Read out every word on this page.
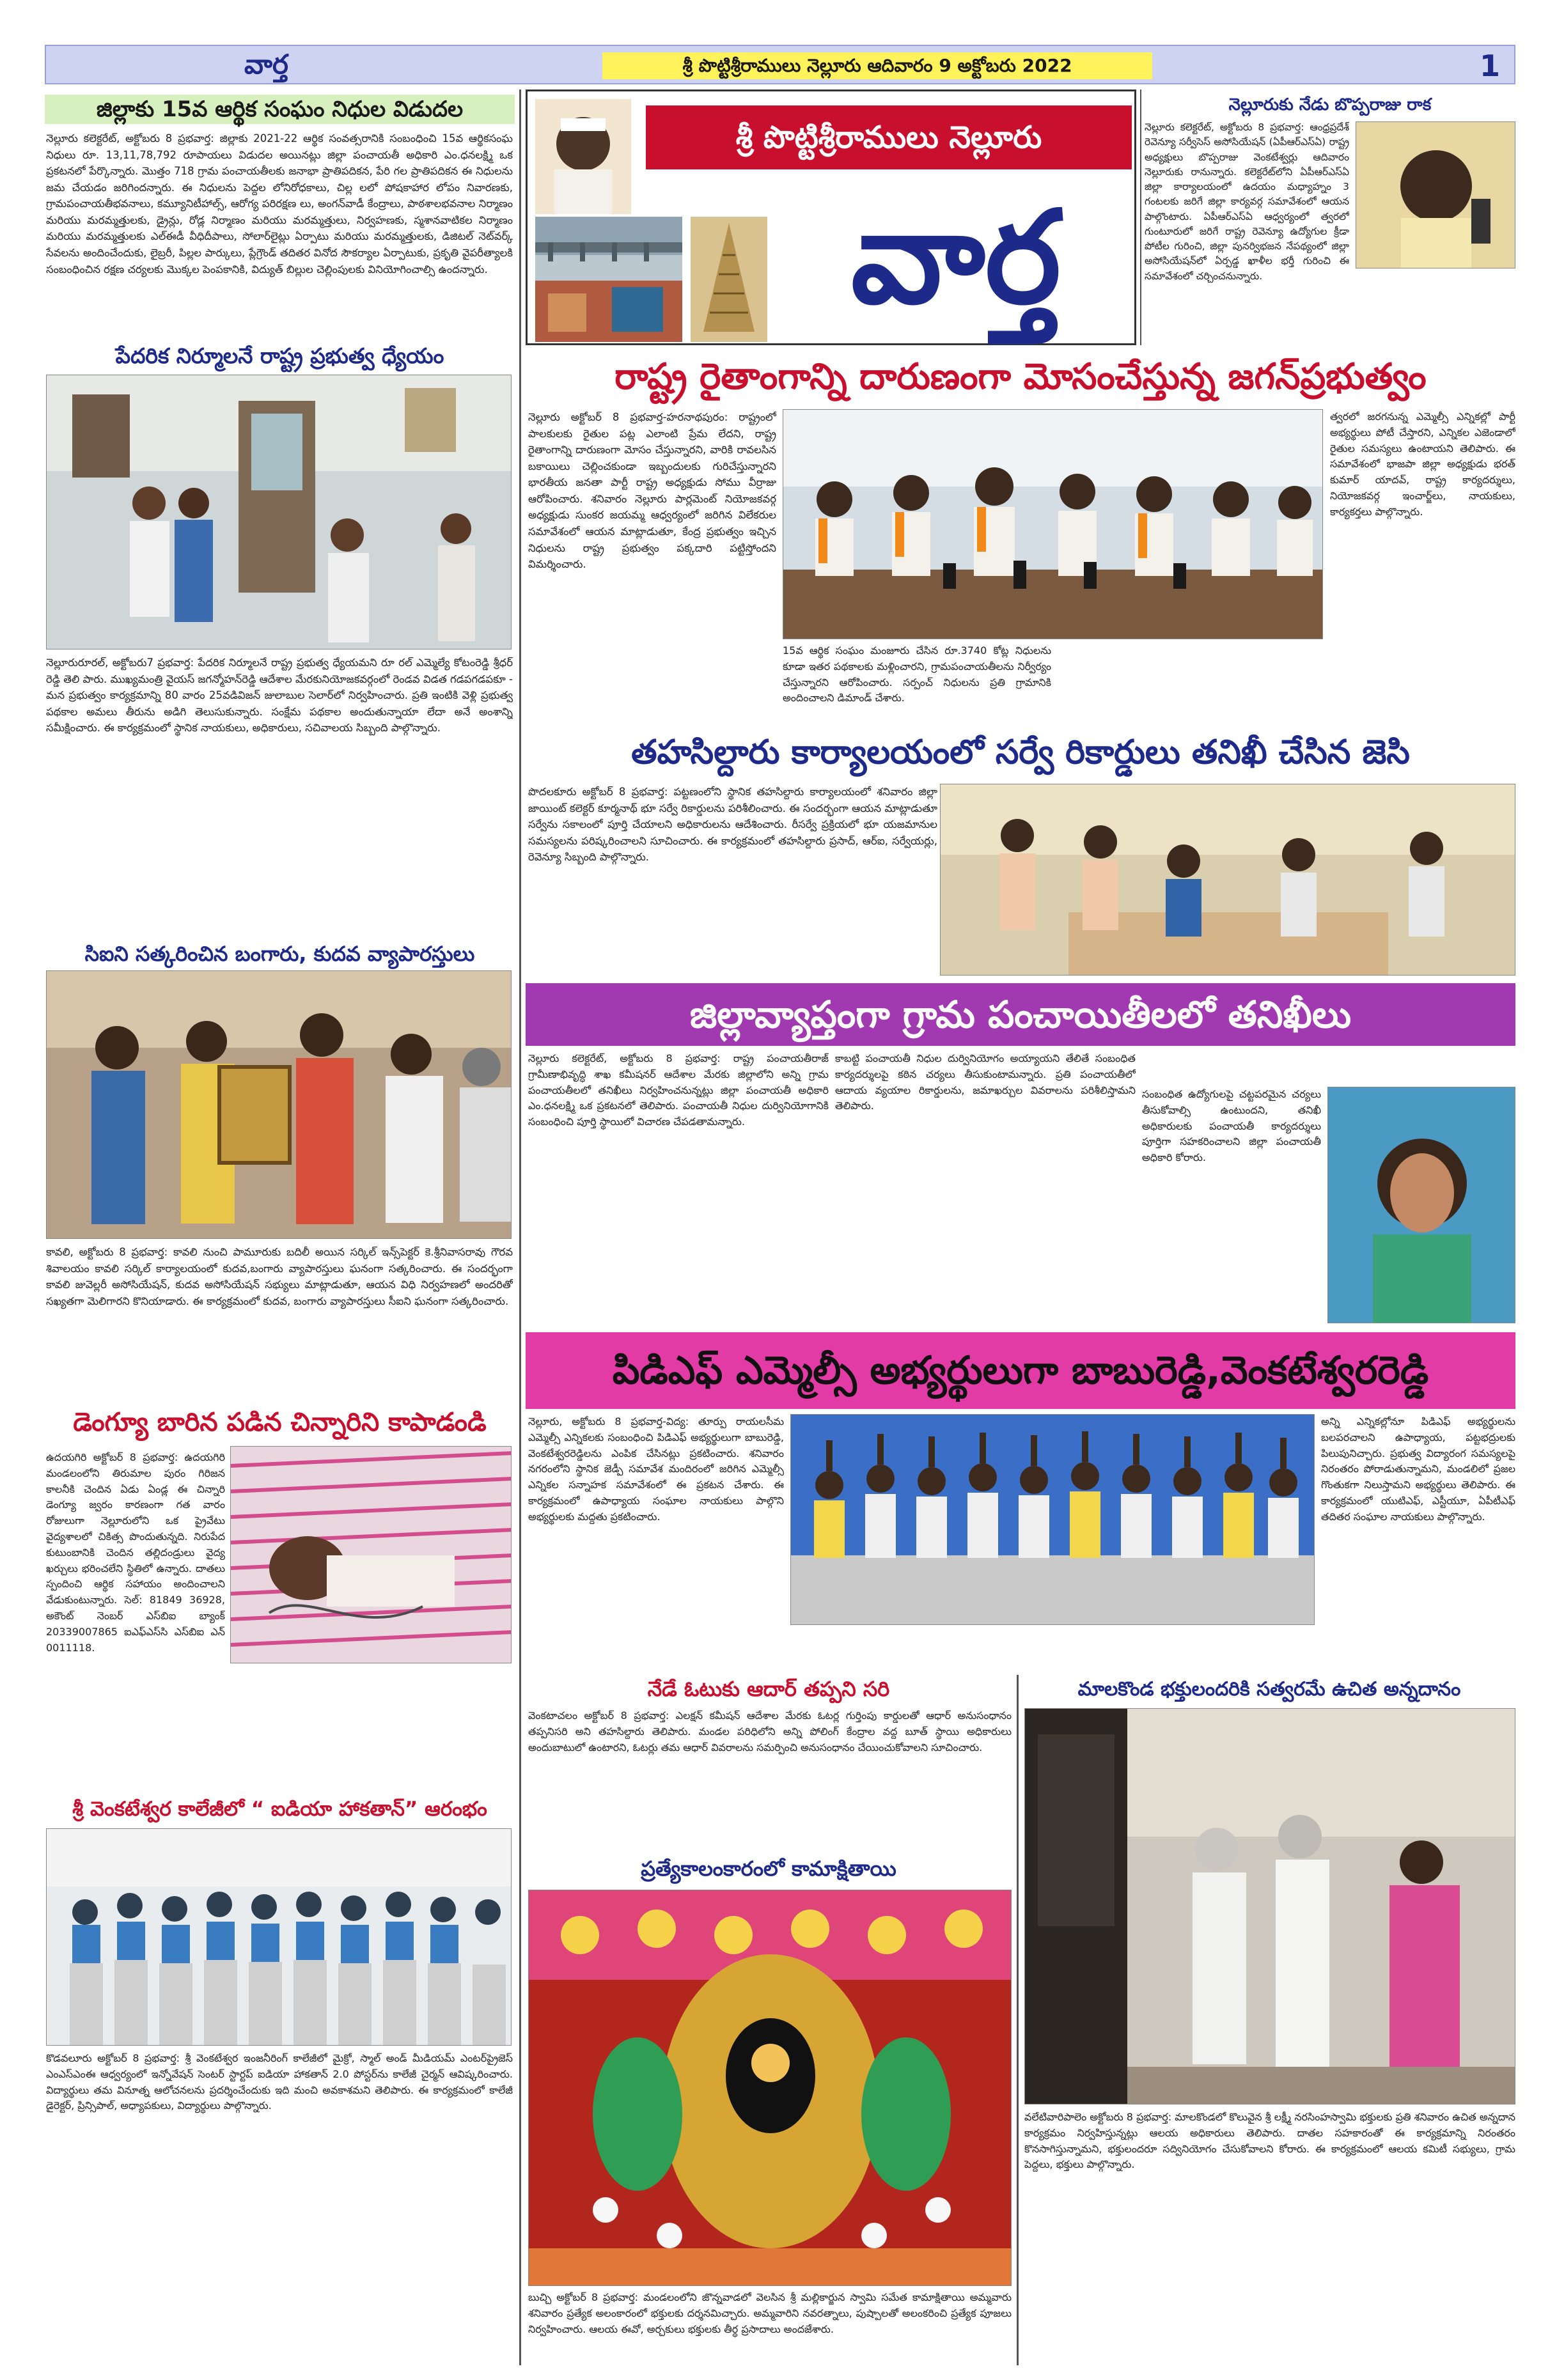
వార్త	శ్రీ పొట్టిశ్రీరాములు నెల్లూరు ఆదివారం 9 అక్టోబరు 2022	1
జిల్లాకు 15వ ఆర్థిక సంఘం నిధుల విడుదల
నెల్లూరు కలెక్టరేట్, అక్టోబరు 8 ప్రభవార్త: జిల్లాకు 2021-22 ఆర్థిక సంవత్సరానికి సంబంధించి 15వ ఆర్థికసంఘ నిధులు రూ. 13,11,78,792 రూపాయలు విడుదల అయినట్లు జిల్లా పంచాయతీ అధికారి ఎం.ధనలక్ష్మి ఒక ప్రకటనలో పేర్కొన్నారు. మొత్తం 718 గ్రామ పంచాయతీలకు జనాభా ప్రాతిపదికన, పేరి గల ప్రాతిపదికన ఈ నిధులను జమ చేయడం జరిగిందన్నారు. ఈ నిధులను పెద్దల లోనిరోధకాలు, చిల్ల లలో పోషకాహార లోపం నివారణకు, గ్రామపంచాయతీభవనాలు, కమ్యూనిటీహాల్స్, ఆరోగ్య పరిరక్షణ లు, అంగన్‌వాడీ కేంద్రాలు, పాఠశాలభవనాల నిర్మాణం మరియు మరమ్మత్తులకు, డ్రైన్లు, రోడ్ల నిర్మాణం మరియు మరమ్మత్తులు, నిర్వహణకు, స్మశానవాటికల నిర్మాణం మరియు మరమ్మత్తులకు ఎల్‌ఈడీ వీధిదీపాలు, సోలార్‌లైట్లు ఏర్పాటు మరియు మరమ్మత్తులకు, డిజిటల్ నెట్‌వర్క్ సేవలను అందించేందుకు, లైబ్రరీ, పిల్లల పార్కులు, ప్లేగ్రౌండ్ తదితర వినోద సౌకర్యాల ఏర్పాటుకు, ప్రకృతి వైపరీత్యాలకి సంబంధించిన రక్షణ చర్యలకు మొక్కల పెంపకానికి, విద్యుత్ బిల్లుల చెల్లింపులకు వినియోగించాల్సి ఉందన్నారు.
పేదరిక నిర్మూలనే రాష్ట్ర ప్రభుత్వ ధ్యేయం
నెల్లూరురూరల్, అక్టోబరు7 ప్రభవార్త: పేదరిక నిర్మూలనే రాష్ట్ర ప్రభుత్వ ధ్యేయమని రూ రల్ ఎమ్మెల్యే కోటంరెడ్డి శ్రీధర్ రెడ్డి తెలి పారు. ముఖ్యమంత్రి వైయస్ జగన్మోహన్‌రెడ్డి ఆదేశాల మేరకునియోజకవర్గంలో రెండవ విడత గడపగడపకూ - మన ప్రభుత్వం కార్యక్రమాన్ని 80 వారం 25వడివిజన్ జులాబుల సెలార్‌లో నిర్వహించారు. ప్రతి ఇంటికి వెళ్లి ప్రభుత్వ పథకాల అమలు తీరును అడిగి తెలుసుకున్నారు. సంక్షేమ పథకాల అందుతున్నాయా లేదా అనే అంశాన్ని సమీక్షించారు. ఈ కార్యక్రమంలో స్థానిక నాయకులు, అధికారులు, సచివాలయ సిబ్బంది పాల్గొన్నారు.
సిఐని సత్కరించిన బంగారు, కుదవ వ్యాపారస్తులు
కావలి, అక్టోబరు 8 ప్రభవార్త: కావలి నుంచి పామూరుకు బదిలీ అయిన సర్కిల్ ఇన్స్‌పెక్టర్ కె.శ్రీనివాసరావు గౌరవ శివాలయం కావలి సర్కిల్ కార్యాలయంలో కుదవ,బంగారు వ్యాపారస్తులు ఘనంగా సత్కరించారు. ఈ సందర్భంగా కావలి జువెల్లరీ అసోసియేషన్, కుదవ అసోసియేషన్ సభ్యులు మాట్లాడుతూ, ఆయన విధి నిర్వహణలో అందరితో సఖ్యతగా మెలిగారని కొనియాడారు. ఈ కార్యక్రమంలో కుదవ, బంగారు వ్యాపారస్తులు సీఐని ఘనంగా సత్కరించారు.
డెంగ్యూ బారిన పడిన చిన్నారిని కాపాడండి
ఉదయగిరి అక్టోబర్ 8 ప్రభవార్త: ఉదయగిరి మండలంలోని తిరుమాల పురం గిరిజన కాలనీకి చెందిన ఏడు ఏండ్ల ఈ చిన్నారి డెంగ్యూ జ్వరం కారణంగా గత వారం రోజులుగా నెల్లూరులోని ఒక ప్రైవేటు వైద్యశాలలో చికిత్స పొందుతున్నది. నిరుపేద కుటుంబానికి చెందిన తల్లిదండ్రులు వైద్య ఖర్చులు భరించలేని స్థితిలో ఉన్నారు. దాతలు స్పందించి ఆర్థిక సహాయం అందించాలని వేడుకుంటున్నారు. సెల్: 81849 36928, అకౌంట్ నెంబర్ ఎస్‌బిఐ బ్యాంక్ 20339007865 ఐఎఫ్‌ఎస్‌సి ఎస్‌బిఐ ఎన్ 0011118.
శ్రీ వెంకటేశ్వర కాలేజీలో “ ఐడియా హాకతాన్” ఆరంభం
కొడవలూరు అక్టోబర్ 8 ప్రభవార్త: శ్రీ వెంకటేశ్వర ఇంజనీరింగ్ కాలేజీలో మైక్రో, స్మాల్ అండ్ మీడియమ్ ఎంటర్‌ప్రైజెస్ ఎంఎస్‌ఎంఈ ఆధ్వర్యంలో ఇన్నోవేషన్ సెంటర్ స్టార్టప్ ఐడియా హాకతాన్ 2.0 పోస్టర్‌ను కాలేజీ చైర్మన్ ఆవిష్కరించారు. విద్యార్థులు తమ వినూత్న ఆలోచనలను ప్రదర్శించేందుకు ఇది మంచి అవకాశమని తెలిపారు. ఈ కార్యక్రమంలో కాలేజీ డైరెక్టర్, ప్రిన్సిపాల్, అధ్యాపకులు, విద్యార్థులు పాల్గొన్నారు.
శ్రీ పొట్టిశ్రీరాములు నెల్లూరు
వార్త
నెల్లూరుకు నేడు బొప్పరాజు రాక
నెల్లూరు కలెక్టరేట్, అక్టోబరు 8 ప్రభవార్త: ఆంధ్రప్రదేశ్ రెవెన్యూ సర్వీసెస్ అసోసియేషన్ (ఏపీఆర్‌ఎస్‌ఏ) రాష్ట్ర అధ్యక్షులు బొప్పరాజు వెంకటేశ్వర్లు ఆదివారం నెల్లూరుకు రానున్నారు. కలెక్టరేట్‌లోని ఏపీఆర్‌ఎస్‌ఏ జిల్లా కార్యాలయంలో ఉదయం మధ్యాహ్నం 3 గంటలకు జరిగే జిల్లా కార్యవర్గ సమావేశంలో ఆయన పాల్గొంటారు. ఏపీఆర్‌ఎస్‌ఏ ఆధ్వర్యంలో త్వరలో గుంటూరులో జరిగే రాష్ట్ర రెవెన్యూ ఉద్యోగుల క్రీడా పోటీల గురించి, జిల్లా పునర్విభజన నేపథ్యంలో జిల్లా అసోసియేషన్‌లో ఏర్పడ్డ ఖాళీల భర్తీ గురించి ఈ సమావేశంలో చర్చించనున్నారు.
రాష్ట్ర రైతాంగాన్ని దారుణంగా మోసంచేస్తున్న జగన్‌ప్రభుత్వం
నెల్లూరు అక్టోబర్ 8 ప్రభవార్త-హరనాథపురం: రాష్ట్రంలో పాలకులకు రైతుల పట్ల ఎలాంటి ప్రేమ లేదని, రాష్ట్ర రైతాంగాన్ని దారుణంగా మోసం చేస్తున్నారని, వారికి రావలసిన బకాయిలు చెల్లించకుండా ఇబ్బందులకు గురిచేస్తున్నారని భారతీయ జనతా పార్టీ రాష్ట్ర అధ్యక్షుడు సోము వీర్రాజు ఆరోపించారు. శనివారం నెల్లూరు పార్లమెంట్ నియోజకవర్గ అధ్యక్షుడు సుంకర జయమ్మ ఆధ్వర్యంలో జరిగిన విలేకరుల సమావేశంలో ఆయన మాట్లాడుతూ, కేంద్ర ప్రభుత్వం ఇచ్చిన నిధులను రాష్ట్ర ప్రభుత్వం పక్కదారి పట్టిస్తోందని విమర్శించారు.
15వ ఆర్థిక సంఘం మంజూరు చేసిన రూ.3740 కోట్ల నిధులను కూడా ఇతర పథకాలకు మళ్లించారని, గ్రామపంచాయతీలను నిర్వీర్యం చేస్తున్నారని ఆరోపించారు. సర్పంచ్ నిధులను ప్రతి గ్రామానికి అందించాలని డిమాండ్ చేశారు.
త్వరలో జరగనున్న ఎమ్మెల్సీ ఎన్నికల్లో పార్టీ అభ్యర్థులు పోటీ చేస్తారని, ఎన్నికల ఎజెండాలో రైతుల సమస్యలు ఉంటాయని తెలిపారు. ఈ సమావేశంలో భాజపా జిల్లా అధ్యక్షుడు భరత్ కుమార్ యాదవ్, రాష్ట్ర కార్యదర్శులు, నియోజకవర్గ ఇంచార్జ్‌లు, నాయకులు, కార్యకర్తలు పాల్గొన్నారు.
తహసిల్దారు కార్యాలయంలో సర్వే రికార్డులు తనిఖీ చేసిన జెసి
పొదలకూరు అక్టోబర్ 8 ప్రభవార్త: పట్టణంలోని స్థానిక తహసిల్దారు కార్యాలయంలో శనివారం జిల్లా జాయింట్ కలెక్టర్ కూర్మనాథ్ భూ సర్వే రికార్డులను పరిశీలించారు. ఈ సందర్భంగా ఆయన మాట్లాడుతూ సర్వేను సకాలంలో పూర్తి చేయాలని అధికారులను ఆదేశించారు. రీసర్వే ప్రక్రియలో భూ యజమానుల సమస్యలను పరిష్కరించాలని సూచించారు. ఈ కార్యక్రమంలో తహసిల్దారు ప్రసాద్, ఆర్ఐ, సర్వేయర్లు, రెవెన్యూ సిబ్బంది పాల్గొన్నారు.
జిల్లావ్యాప్తంగా గ్రామ పంచాయితీలలో తనిఖీలు
నెల్లూరు కలెక్టరేట్, అక్టోబరు 8 ప్రభవార్త: రాష్ట్ర పంచాయతీరాజ్ గ్రామీణాభివృద్ధి శాఖ కమీషనర్ ఆదేశాల మేరకు జిల్లాలోని అన్ని గ్రామ పంచాయతీలలో తనిఖీలు నిర్వహించనున్నట్లు జిల్లా పంచాయతీ అధికారి ఎం.ధనలక్ష్మి ఒక ప్రకటనలో తెలిపారు. పంచాయతీ నిధుల దుర్వినియోగానికి సంబంధించి పూర్తి స్థాయిలో విచారణ చేపడతామన్నారు.
కాబట్టి పంచాయతీ నిధుల దుర్వినియోగం అయ్యాయని తేలితే సంబంధిత కార్యదర్శులపై కఠిన చర్యలు తీసుకుంటామన్నారు. ప్రతి పంచాయతీలో ఆదాయ వ్యయాల రికార్డులను, జమాఖర్చుల వివరాలను పరిశీలిస్తామని తెలిపారు.
సంబంధిత ఉద్యోగులపై చట్టపరమైన చర్యలు తీసుకోవాల్సి ఉంటుందని, తనిఖీ అధికారులకు పంచాయతీ కార్యదర్శులు పూర్తిగా సహకరించాలని జిల్లా పంచాయతీ అధికారి కోరారు.
పిడిఎఫ్ ఎమ్మెల్సీ అభ్యర్థులుగా బాబురెడ్డి,వెంకటేశ్వరరెడ్డి
నెల్లూరు, అక్టోబరు 8 ప్రభవార్త-విద్య: తూర్పు రాయలసీమ ఎమ్మెల్సీ ఎన్నికలకు సంబంధించి పిడిఎఫ్ అభ్యర్థులుగా బాబురెడ్డి, వెంకటేశ్వరరెడ్డిలను ఎంపిక చేసినట్లు ప్రకటించారు. శనివారం నగరంలోని స్థానిక జెడ్పీ సమావేశ మందిరంలో జరిగిన ఎమ్మెల్సీ ఎన్నికల సన్నాహక సమావేశంలో ఈ ప్రకటన చేశారు. ఈ కార్యక్రమంలో ఉపాధ్యాయ సంఘాల నాయకులు పాల్గొని అభ్యర్థులకు మద్దతు ప్రకటించారు.
అన్ని ఎన్నికల్లోనూ పిడిఎఫ్ అభ్యర్థులను బలపరచాలని ఉపాధ్యాయ, పట్టభద్రులకు పిలుపునిచ్చారు. ప్రభుత్వ విద్యారంగ సమస్యలపై నిరంతరం పోరాడుతున్నామని, మండలిలో ప్రజల గొంతుకగా నిలుస్తామని అభ్యర్థులు తెలిపారు. ఈ కార్యక్రమంలో యుటిఎఫ్, ఎస్టీయూ, ఏపీటీఎఫ్ తదితర సంఘాల నాయకులు పాల్గొన్నారు.
నేడే ఓటుకు ఆదార్ తప్పని సరి
వెంకటాచలం అక్టోబర్ 8 ప్రభవార్త: ఎలక్షన్ కమీషన్ ఆదేశాల మేరకు ఓటర్ల గుర్తింపు కార్డులతో ఆధార్ అనుసంధానం తప్పనిసరి అని తహసిల్దారు తెలిపారు. మండల పరిధిలోని అన్ని పోలింగ్ కేంద్రాల వద్ద బూత్ స్థాయి అధికారులు అందుబాటులో ఉంటారని, ఓటర్లు తమ ఆధార్ వివరాలను సమర్పించి అనుసంధానం చేయించుకోవాలని సూచించారు.
ప్రత్యేకాలంకారంలో కామాక్షితాయి
బుచ్చి అక్టోబర్ 8 ప్రభవార్త: మండలంలోని జొన్నవాడలో వెలసిన శ్రీ మల్లికార్జున స్వామి సమేత కామాక్షితాయి అమ్మవారు శనివారం ప్రత్యేక అలంకారంలో భక్తులకు దర్శనమిచ్చారు. అమ్మవారిని నవరత్నాలు, పుష్పాలతో అలంకరించి ప్రత్యేక పూజలు నిర్వహించారు. ఆలయ ఈవో, అర్చకులు భక్తులకు తీర్థ ప్రసాదాలు అందజేశారు.
మాలకొండ భక్తులందరికి సత్వరమే ఉచిత అన్నదానం
వలేటివారిపాలెం అక్టోబరు 8 ప్రభవార్త: మాలకొండలో కొలువైన శ్రీ లక్ష్మీ నరసింహస్వామి భక్తులకు ప్రతి శనివారం ఉచిత అన్నదాన కార్యక్రమం నిర్వహిస్తున్నట్లు ఆలయ అధికారులు తెలిపారు. దాతల సహకారంతో ఈ కార్యక్రమాన్ని నిరంతరం కొనసాగిస్తున్నామని, భక్తులందరూ సద్వినియోగం చేసుకోవాలని కోరారు. ఈ కార్యక్రమంలో ఆలయ కమిటీ సభ్యులు, గ్రామ పెద్దలు, భక్తులు పాల్గొన్నారు.
